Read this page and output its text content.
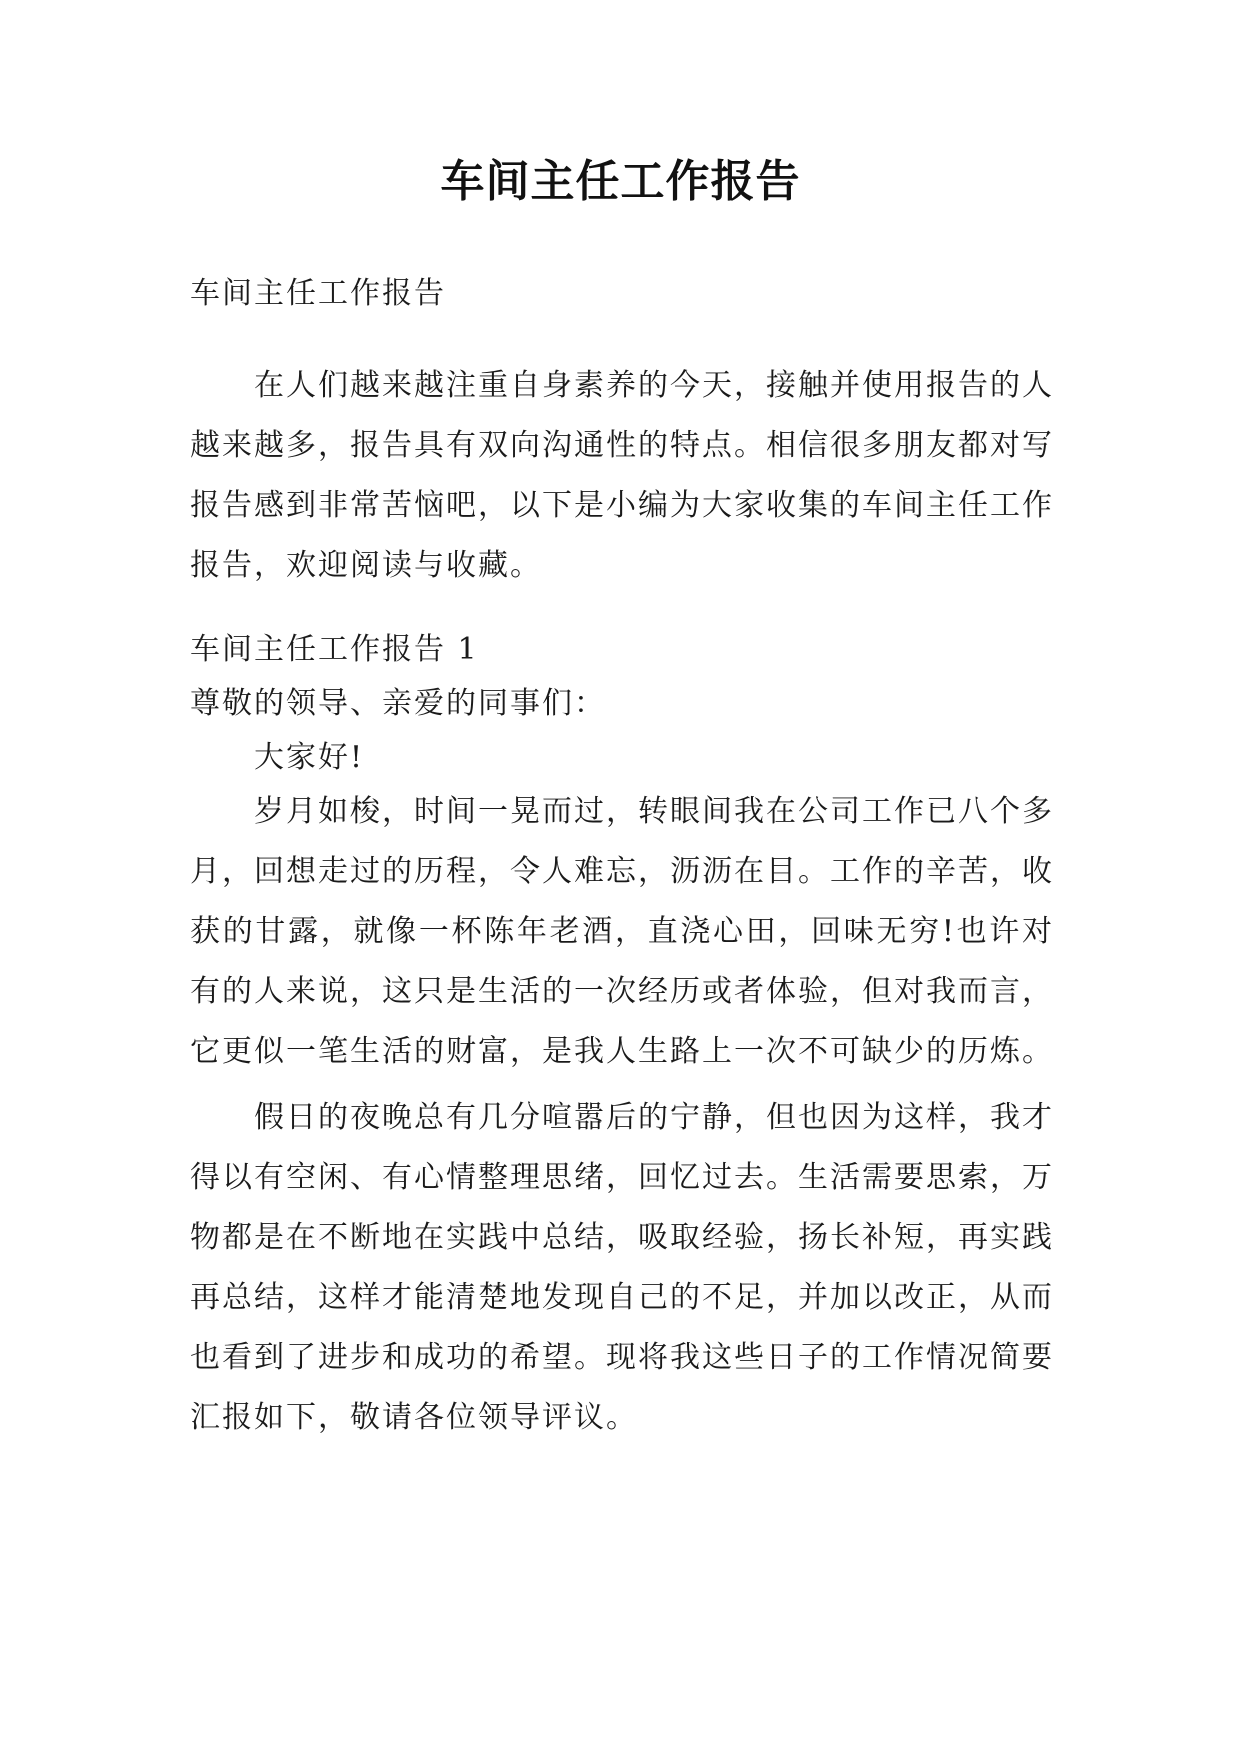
车间主任工作报告

车间主任工作报告

在人们越来越注重自身素养的今天，接触并使用报告的人越来越多，报告具有双向沟通性的特点。相信很多朋友都对写报告感到非常苦恼吧，以下是小编为大家收集的车间主任工作报告，欢迎阅读与收藏。

车间主任工作报告 1

尊敬的领导、亲爱的同事们：

大家好!

岁月如梭，时间一晃而过，转眼间我在公司工作已八个多月，回想走过的历程，令人难忘，沥沥在目。工作的辛苦，收获的甘露，就像一杯陈年老酒，直浇心田，回味无穷!也许对有的人来说，这只是生活的一次经历或者体验，但对我而言，它更似一笔生活的财富，是我人生路上一次不可缺少的历炼。

假日的夜晚总有几分喧嚣后的宁静，但也因为这样，我才得以有空闲、有心情整理思绪，回忆过去。生活需要思索，万物都是在不断地在实践中总结，吸取经验，扬长补短，再实践再总结，这样才能清楚地发现自己的不足，并加以改正，从而也看到了进步和成功的希望。现将我这些日子的工作情况简要汇报如下，敬请各位领导评议。
